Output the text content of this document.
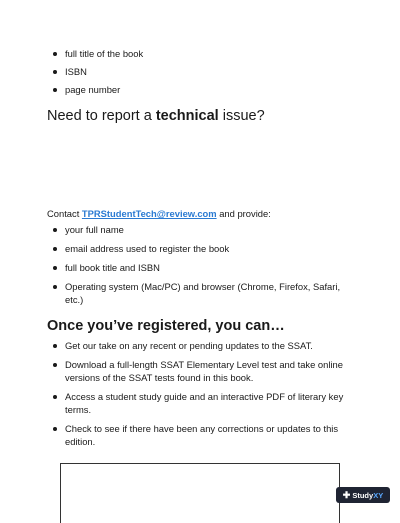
full title of the book
ISBN
page number
Need to report a technical issue?
Contact TPRStudentTech@review.com and provide:
your full name
email address used to register the book
full book title and ISBN
Operating system (Mac/PC) and browser (Chrome, Firefox, Safari, etc.)
Once you’ve registered, you can…
Get our take on any recent or pending updates to the SSAT.
Download a full-length SSAT Elementary Level test and take online versions of the SSAT tests found in this book.
Access a student study guide and an interactive PDF of literary key terms.
Check to see if there have been any corrections or updates to this edition.
✚ Study XY
